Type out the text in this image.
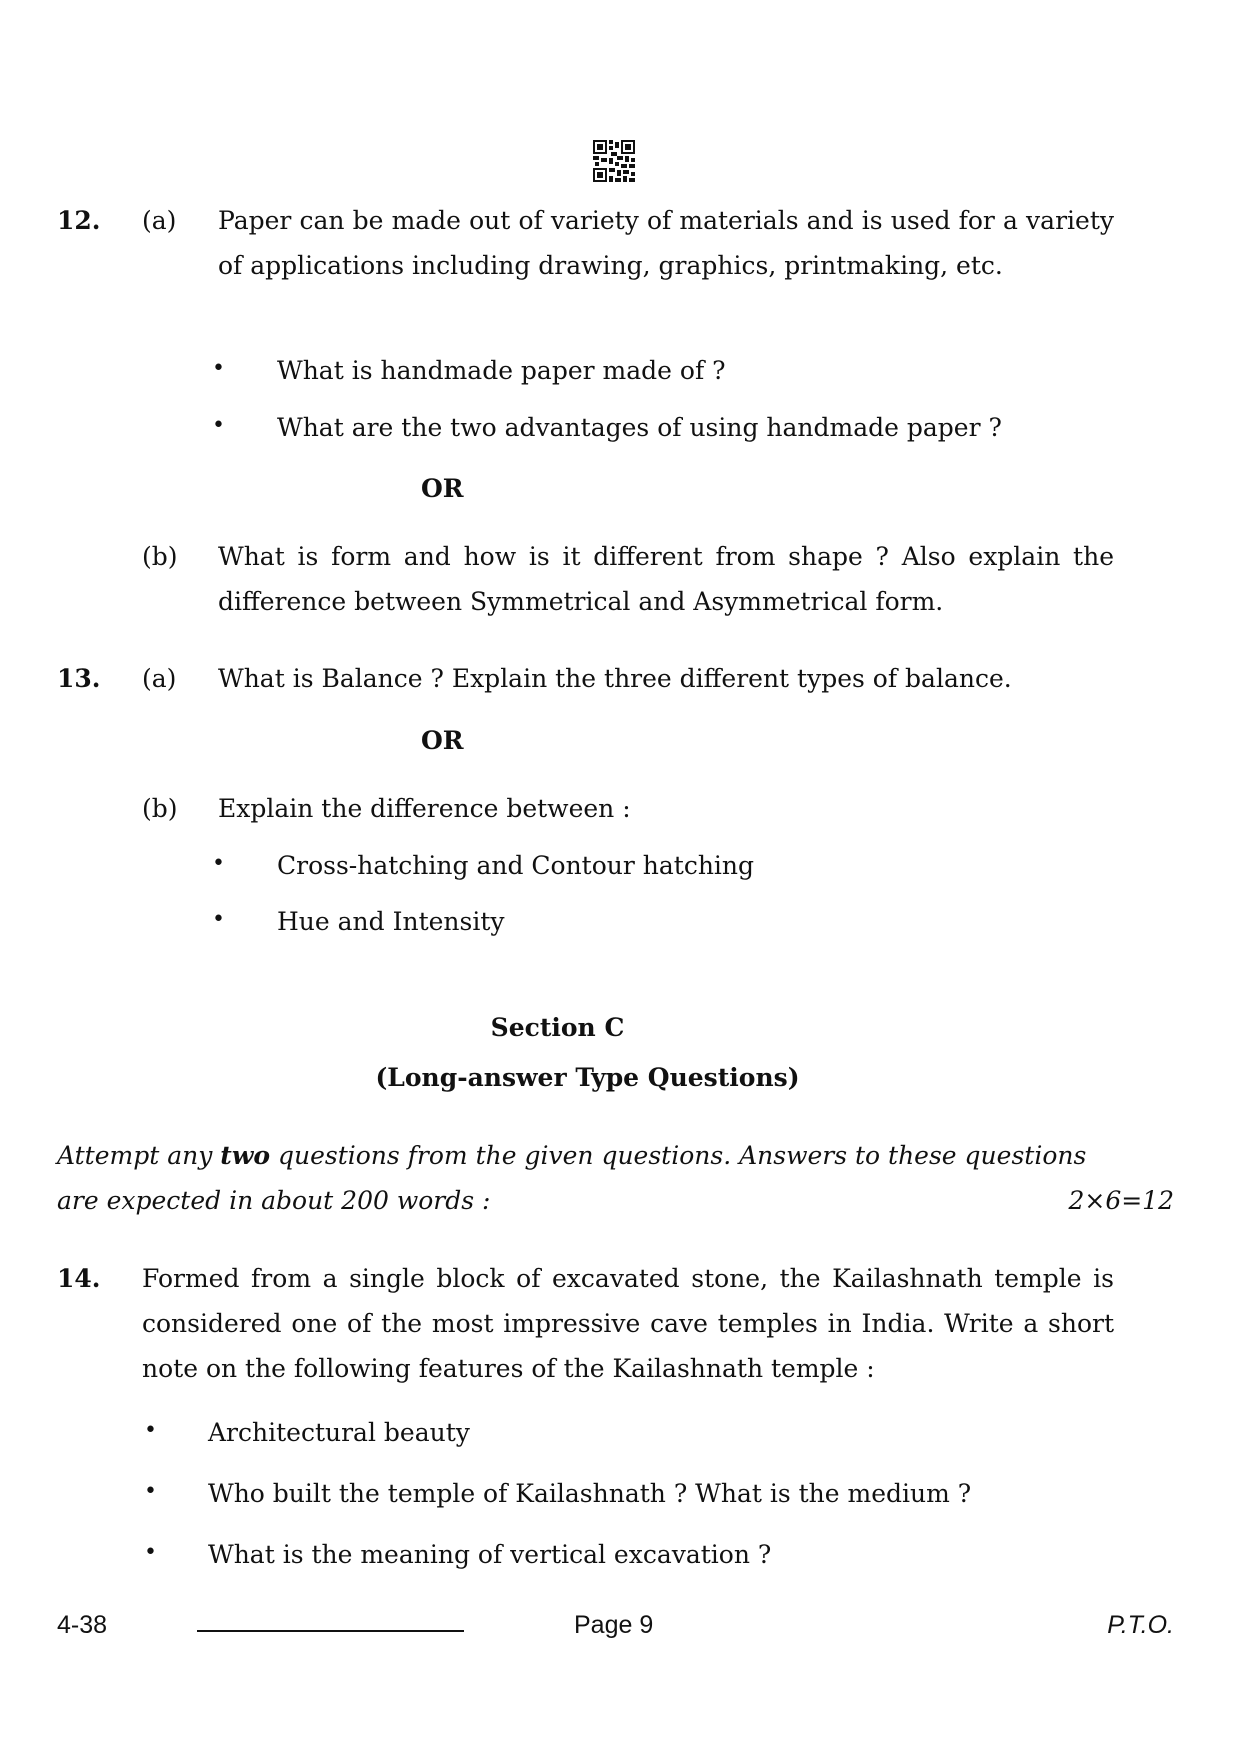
12. (a) Paper can be made out of variety of materials and is used for a variety of applications including drawing, graphics, printmaking, etc.
• What is handmade paper made of ?
• What are the two advantages of using handmade paper ?
OR
(b) What is form and how is it different from shape ? Also explain the difference between Symmetrical and Asymmetrical form.
13. (a) What is Balance ? Explain the three different types of balance.
OR
(b) Explain the difference between :
• Cross-hatching and Contour hatching
• Hue and Intensity
Section C
(Long-answer Type Questions)
Attempt any two questions from the given questions. Answers to these questions
are expected in about 200 words :	2×6=12
14. Formed from a single block of excavated stone, the Kailashnath temple is considered one of the most impressive cave temples in India. Write a short note on the following features of the Kailashnath temple :
• Architectural beauty
• Who built the temple of Kailashnath ? What is the medium ?
• What is the meaning of vertical excavation ?
4-38	Page 9	P.T.O.
